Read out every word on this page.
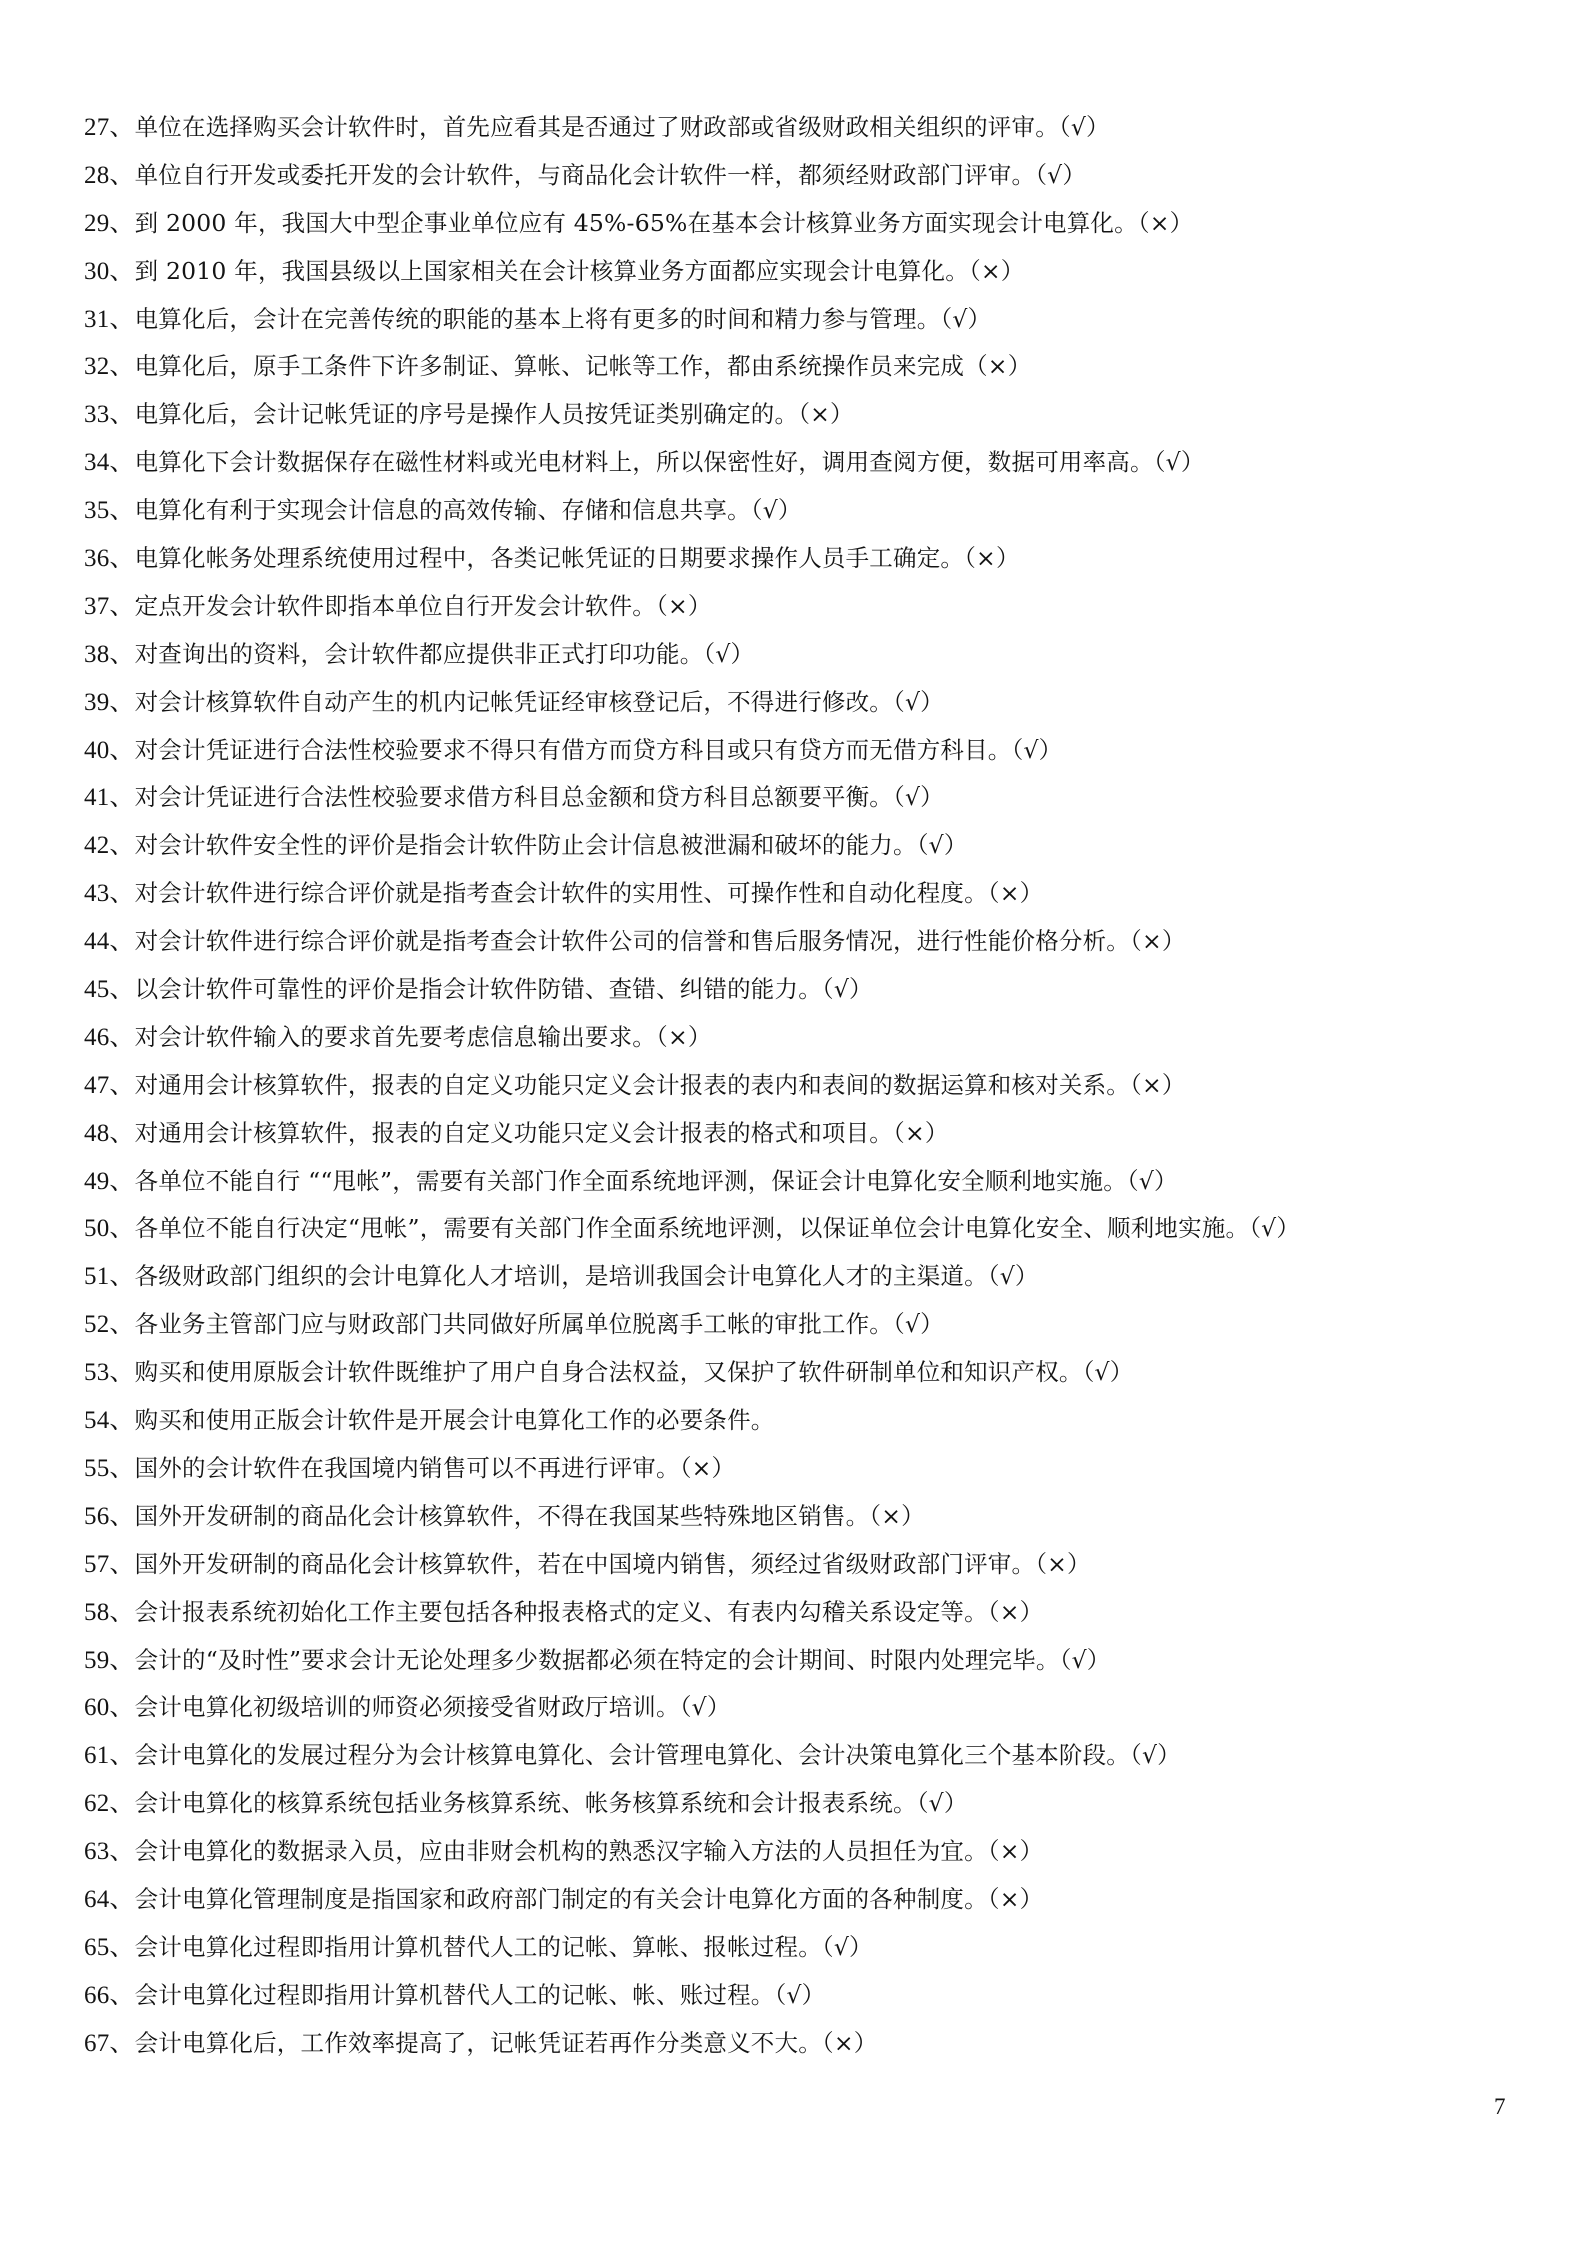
27、单位在选择购买会计软件时，首先应看其是否通过了财政部或省级财政相关组织的评审。（√）
28、单位自行开发或委托开发的会计软件，与商品化会计软件一样，都须经财政部门评审。（√）
29、到 2000 年，我国大中型企事业单位应有 45%-65%在基本会计核算业务方面实现会计电算化。（×）
30、到 2010 年，我国县级以上国家相关在会计核算业务方面都应实现会计电算化。（×）
31、电算化后，会计在完善传统的职能的基本上将有更多的时间和精力参与管理。（√）
32、电算化后，原手工条件下许多制证、算帐、记帐等工作，都由系统操作员来完成（×）
33、电算化后，会计记帐凭证的序号是操作人员按凭证类别确定的。（×）
34、电算化下会计数据保存在磁性材料或光电材料上，所以保密性好，调用查阅方便，数据可用率高。（√）
35、电算化有利于实现会计信息的高效传输、存储和信息共享。（√）
36、电算化帐务处理系统使用过程中，各类记帐凭证的日期要求操作人员手工确定。（×）
37、定点开发会计软件即指本单位自行开发会计软件。（×）
38、对查询出的资料，会计软件都应提供非正式打印功能。（√）
39、对会计核算软件自动产生的机内记帐凭证经审核登记后，不得进行修改。（√）
40、对会计凭证进行合法性校验要求不得只有借方而贷方科目或只有贷方而无借方科目。（√）
41、对会计凭证进行合法性校验要求借方科目总金额和贷方科目总额要平衡。（√）
42、对会计软件安全性的评价是指会计软件防止会计信息被泄漏和破坏的能力。（√）
43、对会计软件进行综合评价就是指考查会计软件的实用性、可操作性和自动化程度。（×）
44、对会计软件进行综合评价就是指考查会计软件公司的信誉和售后服务情况，进行性能价格分析。（×）
45、以会计软件可靠性的评价是指会计软件防错、查错、纠错的能力。（√）
46、对会计软件输入的要求首先要考虑信息输出要求。（×）
47、对通用会计核算软件，报表的自定义功能只定义会计报表的表内和表间的数据运算和核对关系。（×）
48、对通用会计核算软件，报表的自定义功能只定义会计报表的格式和项目。（×）
49、各单位不能自行 ““甩帐”，需要有关部门作全面系统地评测，保证会计电算化安全顺利地实施。（√）
50、各单位不能自行决定“甩帐”，需要有关部门作全面系统地评测，以保证单位会计电算化安全、顺利地实施。（√）
51、各级财政部门组织的会计电算化人才培训，是培训我国会计电算化人才的主渠道。（√）
52、各业务主管部门应与财政部门共同做好所属单位脱离手工帐的审批工作。（√）
53、购买和使用原版会计软件既维护了用户自身合法权益，又保护了软件研制单位和知识产权。（√）
54、购买和使用正版会计软件是开展会计电算化工作的必要条件。
55、国外的会计软件在我国境内销售可以不再进行评审。（×）
56、国外开发研制的商品化会计核算软件，不得在我国某些特殊地区销售。（×）
57、国外开发研制的商品化会计核算软件，若在中国境内销售，须经过省级财政部门评审。（×）
58、会计报表系统初始化工作主要包括各种报表格式的定义、有表内勾稽关系设定等。（×）
59、会计的“及时性”要求会计无论处理多少数据都必须在特定的会计期间、时限内处理完毕。（√）
60、会计电算化初级培训的师资必须接受省财政厅培训。（√）
61、会计电算化的发展过程分为会计核算电算化、会计管理电算化、会计决策电算化三个基本阶段。（√）
62、会计电算化的核算系统包括业务核算系统、帐务核算系统和会计报表系统。（√）
63、会计电算化的数据录入员，应由非财会机构的熟悉汉字输入方法的人员担任为宜。（×）
64、会计电算化管理制度是指国家和政府部门制定的有关会计电算化方面的各种制度。（×）
65、会计电算化过程即指用计算机替代人工的记帐、算帐、报帐过程。（√）
66、会计电算化过程即指用计算机替代人工的记帐、帐、账过程。（√）
67、会计电算化后，工作效率提高了，记帐凭证若再作分类意义不大。（×）
7
